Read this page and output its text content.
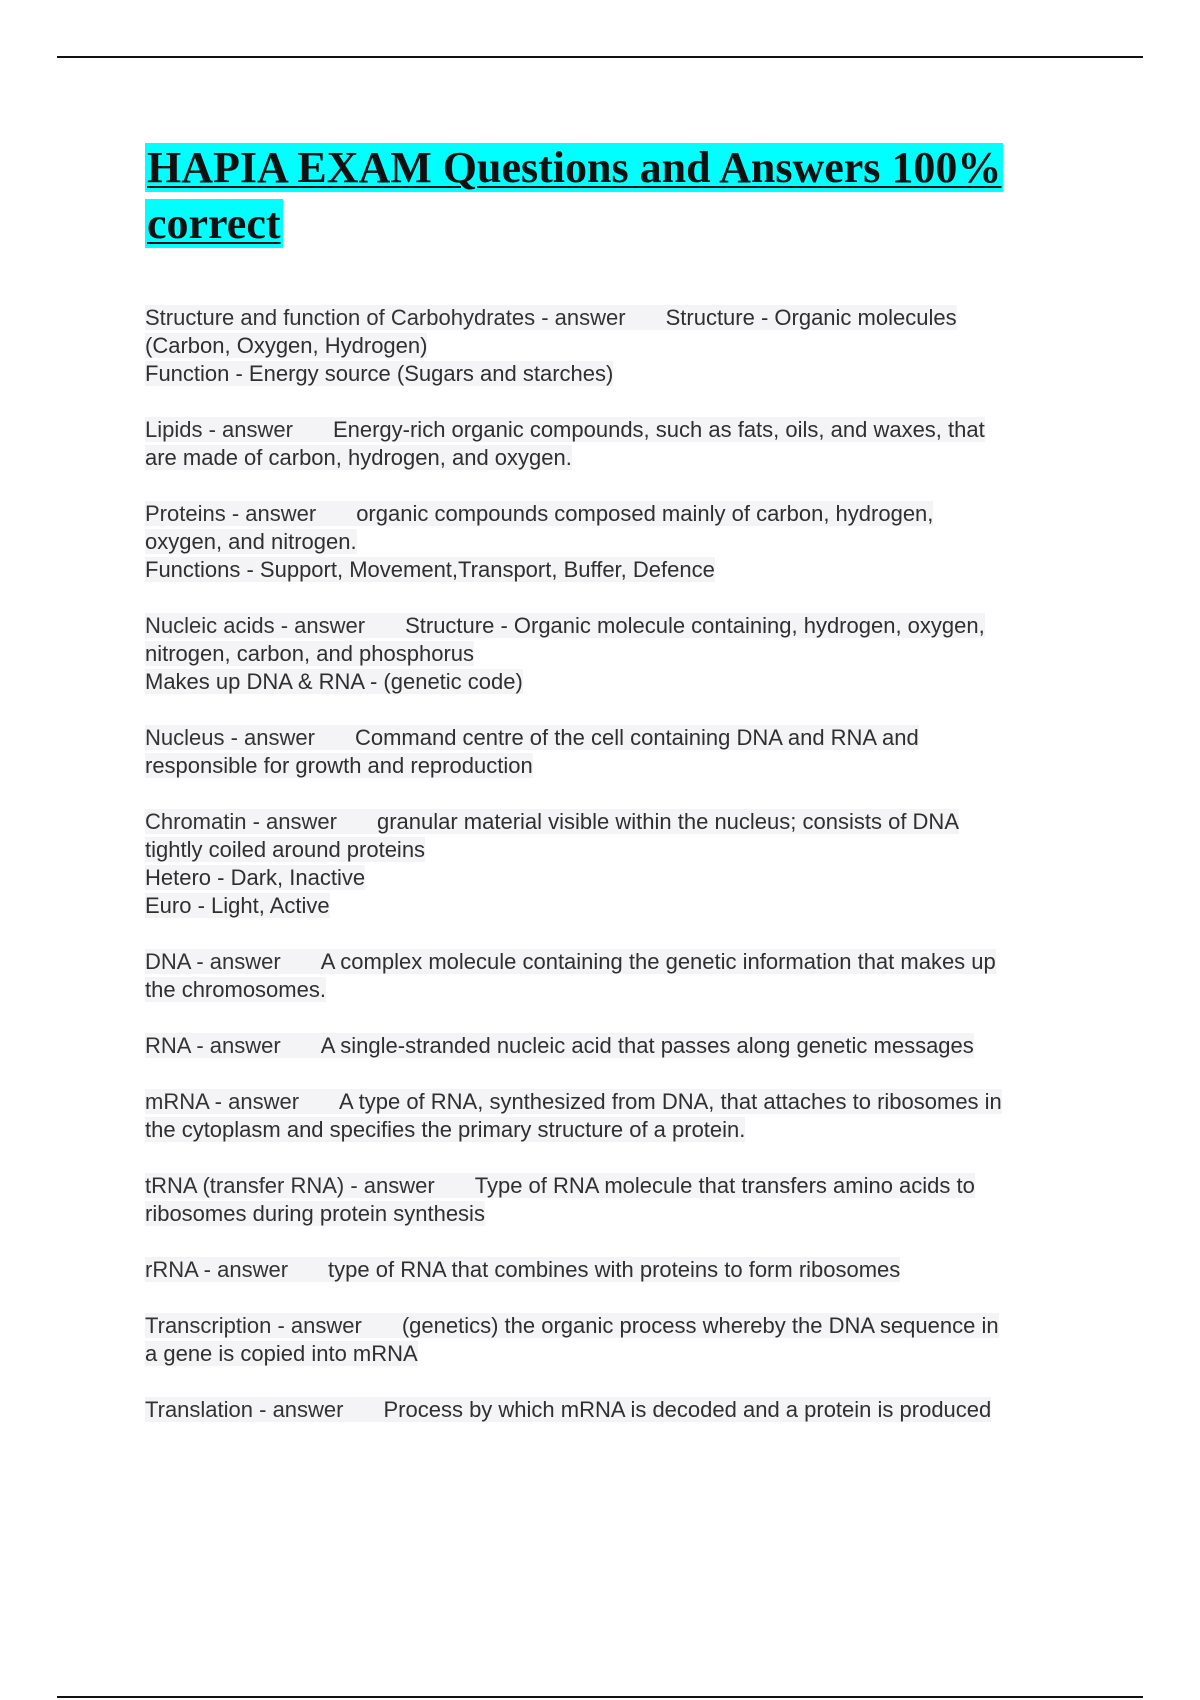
HAPIA EXAM Questions and Answers 100% correct
Structure and function of Carbohydrates - answer Structure - Organic molecules
(Carbon, Oxygen, Hydrogen)
Function - Energy source (Sugars and starches)
Lipids - answer Energy-rich organic compounds, such as fats, oils, and waxes, that
are made of carbon, hydrogen, and oxygen.
Proteins - answer organic compounds composed mainly of carbon, hydrogen,
oxygen, and nitrogen.
Functions - Support, Movement,Transport, Buffer, Defence
Nucleic acids - answer Structure - Organic molecule containing, hydrogen, oxygen,
nitrogen, carbon, and phosphorus
Makes up DNA & RNA - (genetic code)
Nucleus - answer Command centre of the cell containing DNA and RNA and
responsible for growth and reproduction
Chromatin - answer granular material visible within the nucleus; consists of DNA
tightly coiled around proteins
Hetero - Dark, Inactive
Euro - Light, Active
DNA - answer A complex molecule containing the genetic information that makes up
the chromosomes.
RNA - answer A single-stranded nucleic acid that passes along genetic messages
mRNA - answer A type of RNA, synthesized from DNA, that attaches to ribosomes in
the cytoplasm and specifies the primary structure of a protein.
tRNA (transfer RNA) - answer Type of RNA molecule that transfers amino acids to
ribosomes during protein synthesis
rRNA - answer type of RNA that combines with proteins to form ribosomes
Transcription - answer (genetics) the organic process whereby the DNA sequence in
a gene is copied into mRNA
Translation - answer Process by which mRNA is decoded and a protein is produced
